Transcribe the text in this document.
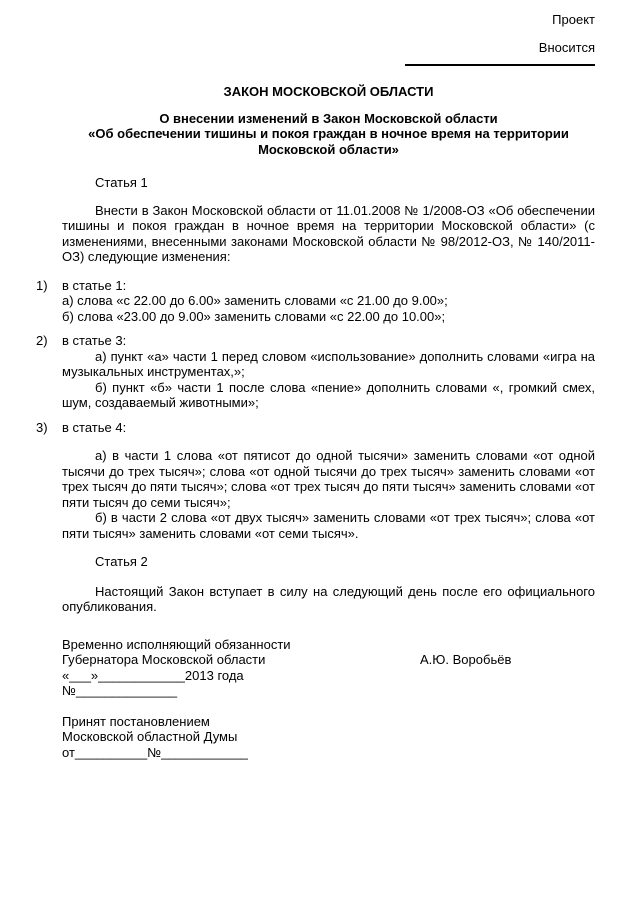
Проект
Вносится
ЗАКОН МОСКОВСКОЙ ОБЛАСТИ
О внесении изменений в Закон Московской области
«Об обеспечении тишины и покоя граждан в ночное время на территории
Московской области»
Статья 1

Внести в Закон Московской области от 11.01.2008 № 1/2008-ОЗ «Об обеспечении тишины и покоя граждан в ночное время на территории Московской области» (с изменениями, внесенными законами Московской области № 98/2012-ОЗ, № 140/2011-ОЗ) следующие изменения:

1) в статье 1:
а) слова «с 22.00 до 6.00» заменить словами «с 21.00 до 9.00»;
б) слова «23.00 до 9.00» заменить словами «с 22.00 до 10.00»;
2) в статье 3:
а) пункт «а» части 1 перед словом «использование» дополнить словами «игра на музыкальных инструментах,»;
б) пункт «б» части 1 после слова «пение» дополнить словами «, громкий смех, шум, создаваемый животными»;
3) в статье 4:
а) в части 1 слова «от пятисот до одной тысячи» заменить словами «от одной тысячи до трех тысяч»; слова «от одной тысячи до трех тысяч» заменить словами «от трех тысяч до пяти тысяч»; слова «от трех тысяч до пяти тысяч» заменить словами «от пяти тысяч до семи тысяч»;
б) в части 2 слова «от двух тысяч» заменить словами «от трех тысяч»; слова «от пяти тысяч» заменить словами «от семи тысяч».
Статья 2

Настоящий Закон вступает в силу на следующий день после его официального опубликования.

Временно исполняющий обязанности
Губернатора Московской области	А.Ю. Воробьёв
«___»____________2013 года
№______________
Принят постановлением
Московской областной Думы
от__________№____________
